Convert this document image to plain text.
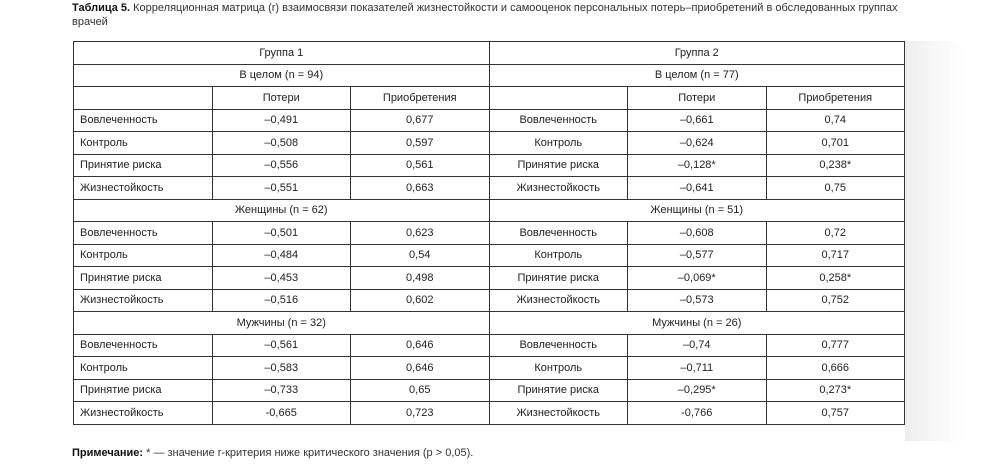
Таблица 5. Корреляционная матрица (r) взаимосвязи показателей жизнестойкости и самооценок персональных потерь–приобретений в обследованных группах врачей
Группа 1			Группа 2		
В целом (n = 94)			В целом (n = 77)		
	Потери	Приобретения		Потери	Приобретения
Вовлеченность	–0,491	0,677	Вовлеченность	–0,661	0,74
Контроль	–0,508	0,597	Контроль	–0,624	0,701
Принятие риска	–0,556	0,561	Принятие риска	–0,128*	0,238*
Жизнестойкость	–0,551	0,663	Жизнестойкость	–0,641	0,75
Женщины (n = 62)			Женщины (n = 51)		
Вовлеченность	–0,501	0,623	Вовлеченность	–0,608	0,72
Контроль	–0,484	0,54	Контроль	–0,577	0,717
Принятие риска	–0,453	0,498	Принятие риска	–0,069*	0,258*
Жизнестойкость	–0,516	0,602	Жизнестойкость	–0,573	0,752
Мужчины (n = 32)			Мужчины (n = 26)		
Вовлеченность	–0,561	0,646	Вовлеченность	–0,74	0,777
Контроль	–0,583	0,646	Контроль	–0,711	0,666
Принятие риска	–0,733	0,65	Принятие риска	–0,295*	0,273*
Жизнестойкость	-0,665	0,723	Жизнестойкость	-0,766	0,757
Примечание: * — значение r-критерия ниже критического значения (p > 0,05).
